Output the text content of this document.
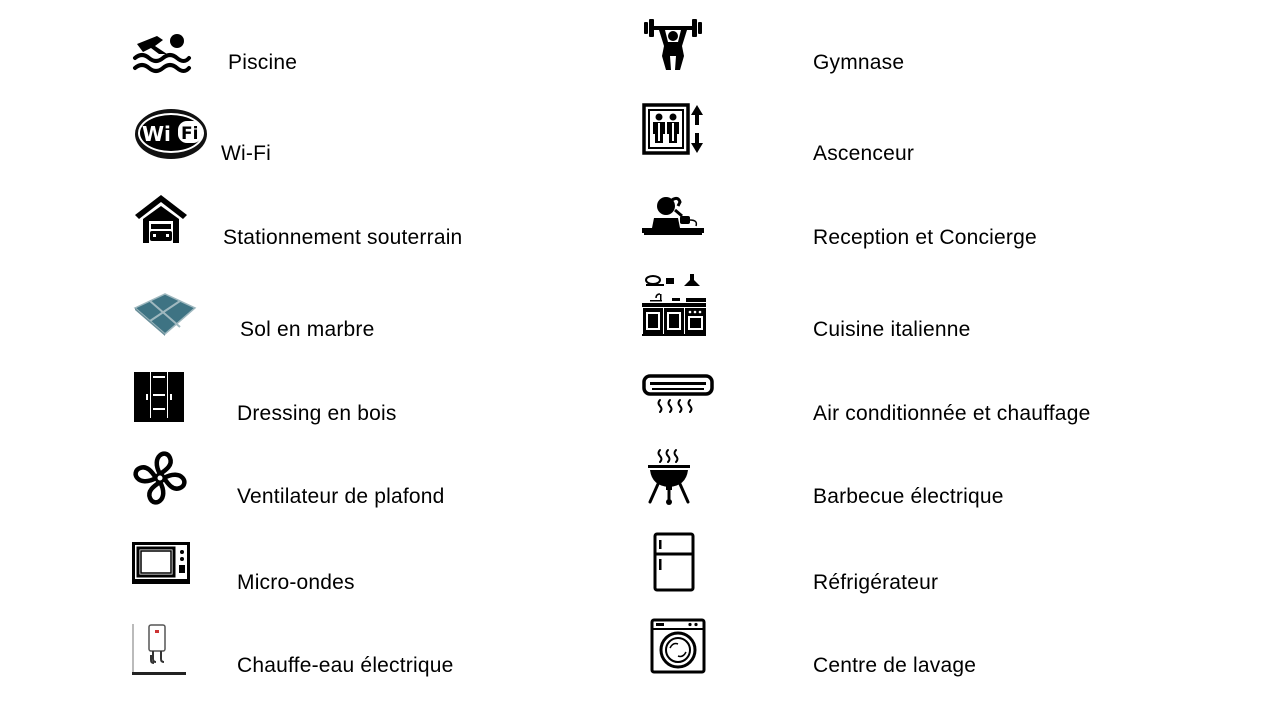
Piscine
Wi Fi
Wi-Fi
Stationnement souterrain
Sol en marbre
Dressing en bois
Ventilateur de plafond
Micro-ondes
Chauffe-eau électrique
Gymnase
Ascenceur
Reception et Concierge
Cuisine italienne
Air conditionnée et chauffage
Barbecue électrique
Réfrigérateur
Centre de lavage
